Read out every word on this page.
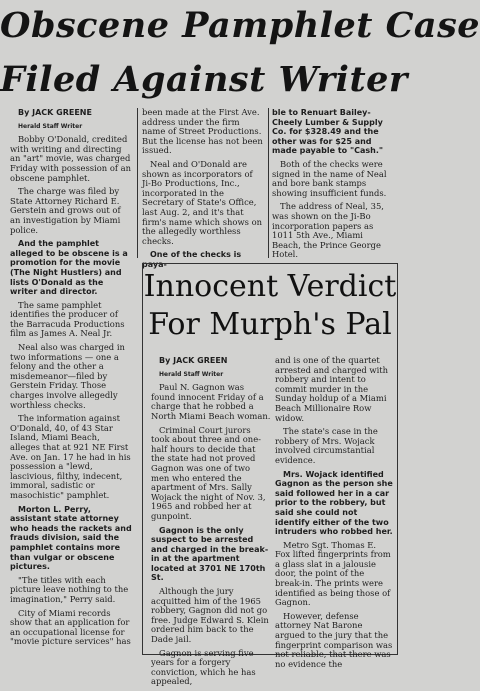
Obscene Pamphlet Case
Filed Against Writer

By JACK GREENE

Herald Staff Writer

Bobby O'Donald, credited with writing and directing an "art" movie, was charged Friday with possession of an obscene pamphlet.

The charge was filed by State Attorney Richard E. Gerstein and grows out of an investigation by Miami police.

And the pamphlet alleged to be obscene is a promotion for the movie (The Night Hustlers) and lists O'Donald as the writer and director.

The same pamphlet identifies the producer of the Barracuda Productions film as James A. Neal Jr.

Neal also was charged in two informations — one a felony and the other a misdemeanor—filed by Gerstein Friday. Those charges involve allegedly worthless checks.

The information against O'Donald, 40, of 43 Star Island, Miami Beach, alleges that at 921 NE First Ave. on Jan. 17 he had in his possession a "lewd, lascivious, filthy, indecent, immoral, sadistic or masochistic" pamphlet.

Morton L. Perry, assistant state attorney who heads the rackets and frauds division, said the pamphlet contains more than vulgar or obscene pictures.

"The titles with each picture leave nothing to the imagination," Perry said.

City of Miami records show that an application for an occupational license for "movie picture services" has

been made at the First Ave. address under the firm name of Street Productions. But the license has not been issued.

Neal and O'Donald are shown as incorporators of Ji-Bo Productions, Inc., incorporated in the Secretary of State's Office, last Aug. 2, and it's that firm's name which shows on the allegedly worthless checks.

One of the checks is paya-

ble to Renuart Bailey-Cheely Lumber & Supply Co. for $328.49 and the other was for $25 and made payable to "Cash."

Both of the checks were signed in the name of Neal and bore bank stamps showing insufficient funds.

The address of Neal, 35, was shown on the Ji-Bo incorporation papers as 1011 5th Ave., Miami Beach, the Prince George Hotel.

Innocent Verdict
For Murph's Pal

By JACK GREEN

Herald Staff Writer

Paul N. Gagnon was found innocent Friday of a charge that he robbed a North Miami Beach woman.

Criminal Court jurors took about three and one-half hours to decide that the state had not proved Gagnon was one of two men who entered the apartment of Mrs. Sally Wojack the night of Nov. 3, 1965 and robbed her at gunpoint.

Gagnon is the only suspect to be arrested and charged in the break-in at the apartment located at 3701 NE 170th St.

Although the jury acquitted him of the 1965 robbery, Gagnon did not go free. Judge Edward S. Klein ordered him back to the Dade jail.

Gagnon is serving five years for a forgery conviction, which he has appealed,

and is one of the quartet arrested and charged with robbery and intent to commit murder in the Sunday holdup of a Miami Beach Millionaire Row widow.

The state's case in the robbery of Mrs. Wojack involved circumstantial evidence.

Mrs. Wojack identified Gagnon as the person she said followed her in a car prior to the robbery, but said she could not identify either of the two intruders who robbed her.

Metro Sgt. Thomas E. Fox lifted fingerprints from a glass slat in a jalousie door, the point of the break-in. The prints were identified as being those of Gagnon.

However, defense attorney Nat Barone argued to the jury that the fingerprint comparison was not reliable, that there was no evidence the
